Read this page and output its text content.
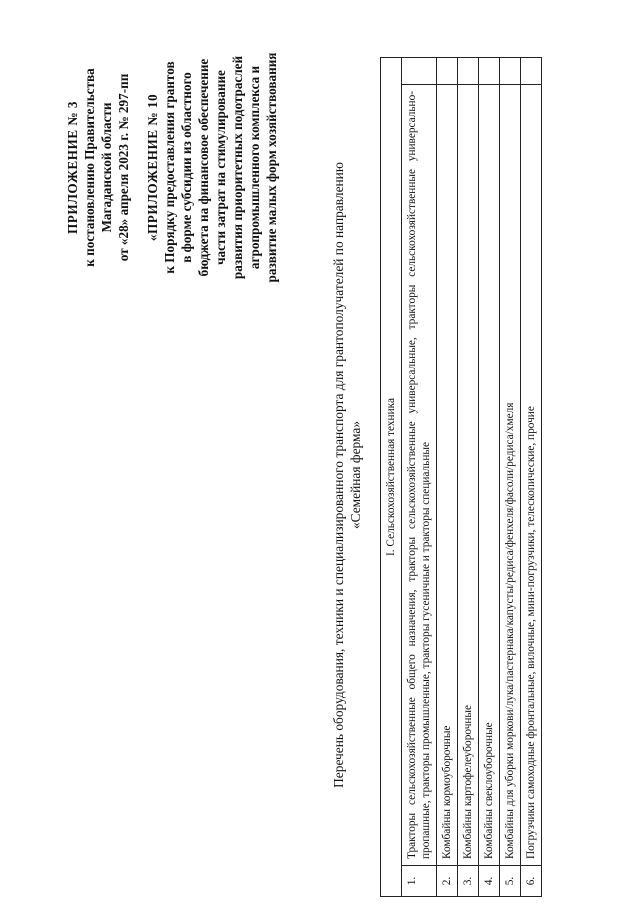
ПРИЛОЖЕНИЕ № 3 к постановлению Правительства Магаданской области от «28» апреля 2023 г. № 297-пп «ПРИЛОЖЕНИЕ № 10 к Порядку предоставления грантов в форме субсидии из областного бюджета на финансовое обеспечение части затрат на стимулирование развития приоритетных подотраслей агропромышленного комплекса и развитие малых форм хозяйствования	Перечень оборудования, техники и специализированного транспорта для грантополучателей по направлению «Семейная ферма» I. Сельскохозяйственная техника		
1.	Тракторы сельскохозяйственные общего назначения, тракторы сельскохозяйственные универсальные, тракторы сельскохозяйственные универсально-пропашные, тракторы промышленные, тракторы гусеничные и тракторы специальные	
2.	Комбайны кормоуборочные	
3.	Комбайны картофелеуборочные	
4.	Комбайны свеклоуборочные	
5.	Комбайны для уборки моркови/лука/пастернака/капусты/редиса/фенхеля/фасоли/редиса/хмеля	
6.	Погрузчики самоходные фронтальные, вилочные, мини-погрузчики, телескопические, прочие	
